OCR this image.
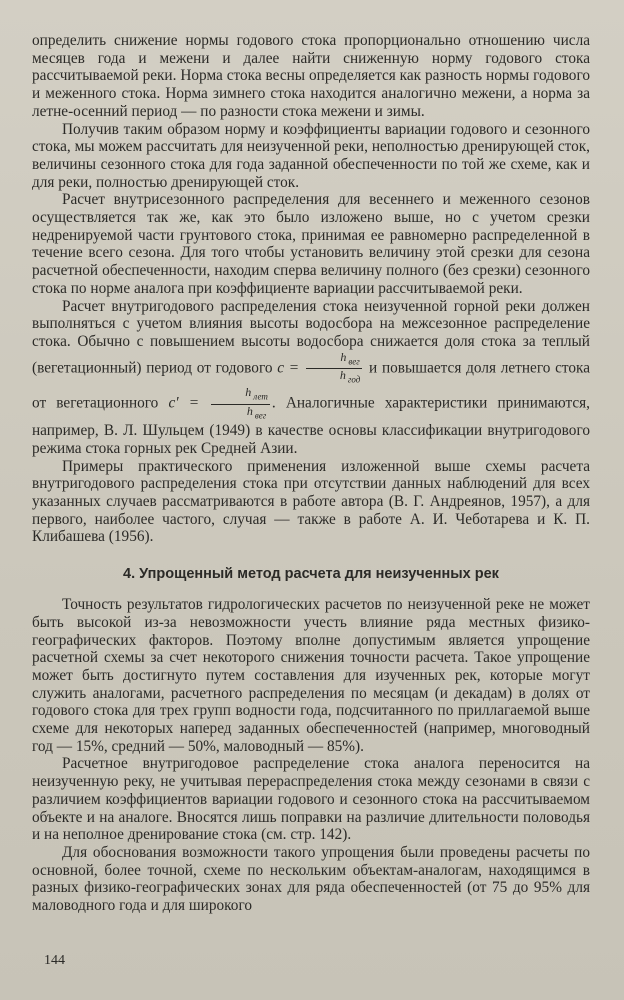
определить снижение нормы годового стока пропорционально отношению числа месяцев года и межени и далее найти сниженную норму годового стока рассчитываемой реки. Норма стока весны определяется как разность нормы годового и меженного стока. Норма зимнего стока находится аналогично межени, а норма за летне-осенний период — по разности стока межени и зимы.

Получив таким образом норму и коэффициенты вариации годового и сезонного стока, мы можем рассчитать для неизученной реки, неполностью дренирующей сток, величины сезонного стока для года заданной обеспеченности по той же схеме, как и для реки, полностью дренирующей сток.

Расчет внутрисезонного распределения для весеннего и меженного сезонов осуществляется так же, как это было изложено выше, но с учетом срезки недренируемой части грунтового стока, принимая ее равномерно распределенной в течение всего сезона. Для того чтобы установить величину этой срезки для сезона расчетной обеспеченности, находим сперва величину полного (без срезки) сезонного стока по норме аналога при коэффициенте вариации рассчитываемой реки.

Расчет внутригодового распределения стока неизученной горной реки должен выполняться с учетом влияния высоты водосбора на межсезонное распределение стока. Обычно с повышением высоты водосбора снижается доля стока за теплый (вегетационный) период от годового $c = \frac{h _{вег}}{h _{год}}$ и повышается доля летнего стока от вегетационного $c' = \frac{h _{лет}}{h _{вег}}$ . Аналогичные характеристики принимаются, например, В. Л. Шульцем (1949) в качестве основы классификации внутригодового режима стока горных рек Средней Азии.

Примеры практического применения изложенной выше схемы расчета внутригодового распределения стока при отсутствии данных наблюдений для всех указанных случаев рассматриваются в работе автора (В. Г. Андреянов, 1957), а для первого, наиболее частого, случая — также в работе А. И. Чеботарева и К. П. Клибашева (1956).

4. Упрощенный метод расчета для неизученных рек

Точность результатов гидрологических расчетов по неизученной реке не может быть высокой из-за невозможности учесть влияние ряда местных физико-географических факторов. Поэтому вполне допустимым является упрощение расчетной схемы за счет некоторого снижения точности расчета. Такое упрощение может быть достигнуто путем составления для изученных рек, которые могут служить аналогами, расчетного распределения по месяцам (и декадам) в долях от годового стока для трех групп водности года, подсчитанного по приллагаемой выше схеме для некоторых наперед заданных обеспеченностей (например, многоводный год — 15%, средний — 50%, маловодный — 85%).

Расчетное внутригодовое распределение стока аналога переносится на неизученную реку, не учитывая перераспределения стока между сезонами в связи с различием коэффициентов вариации годового и сезонного стока на рассчитываемом объекте и на аналоге. Вносятся лишь поправки на различие длительности половодья и на неполное дренирование стока (см. стр. 142).

Для обоснования возможности такого упрощения были проведены расчеты по основной, более точной, схеме по нескольким объектам-аналогам, находящимся в разных физико-географических зонах для ряда обеспеченностей (от 75 до 95% для маловодного года и для широкого

144
